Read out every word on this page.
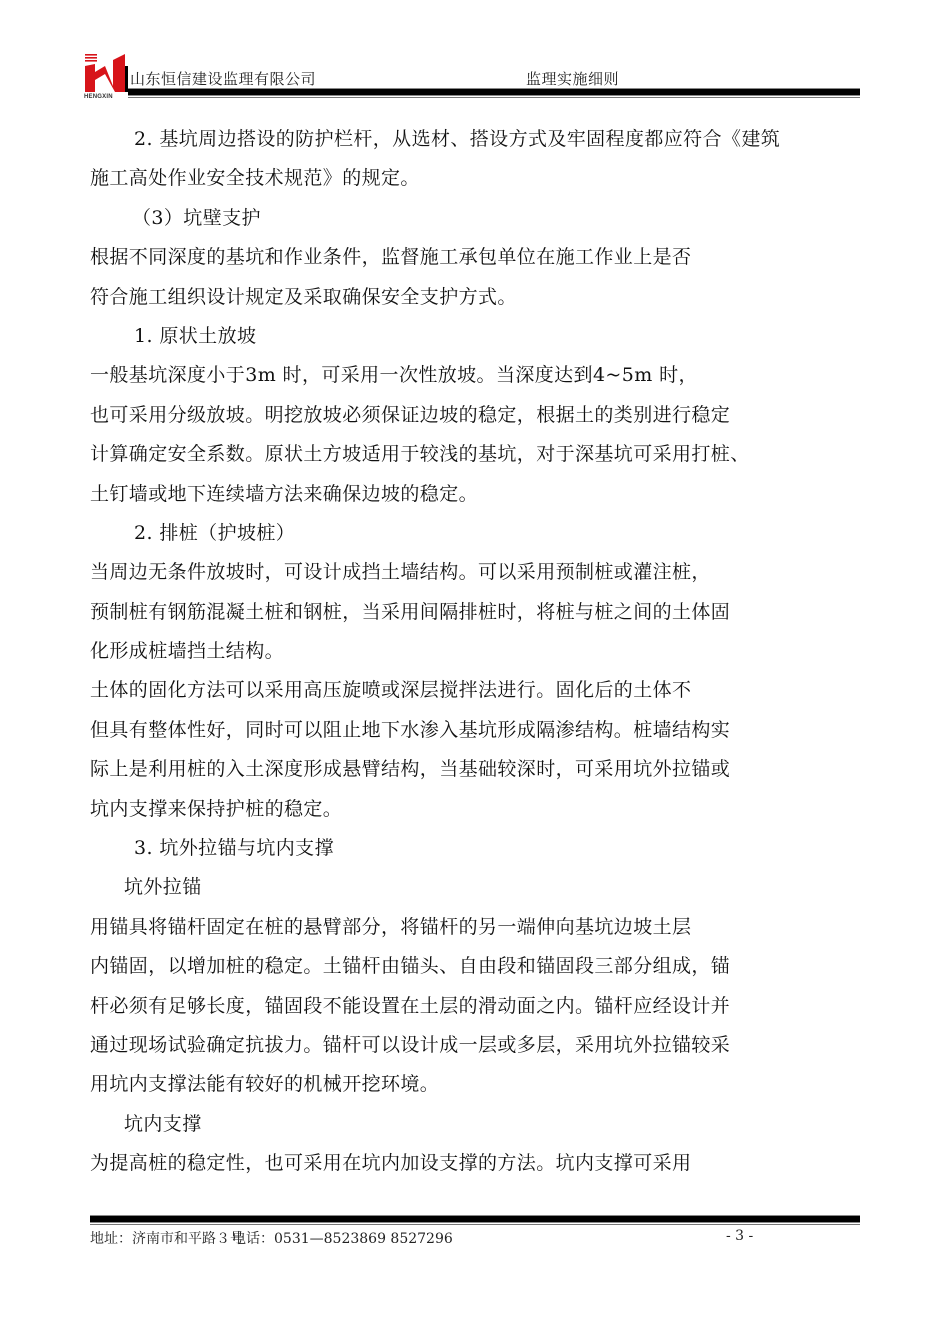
HENGXIN
山东恒信建设监理有限公司	监理实施细则
2. 基坑周边搭设的防护栏杆，从选材、搭设方式及牢固程度都应符合《建筑
施工高处作业安全技术规范》的规定。
（3）坑壁支护
根据不同深度的基坑和作业条件，监督施工承包单位在施工作业上是否
符合施工组织设计规定及采取确保安全支护方式。
1. 原状土放坡
一般基坑深度小于3m 时，可采用一次性放坡。当深度达到4~5m 时，
也可采用分级放坡。明挖放坡必须保证边坡的稳定，根据土的类别进行稳定
计算确定安全系数。原状土方坡适用于较浅的基坑，对于深基坑可采用打桩、
土钉墙或地下连续墙方法来确保边坡的稳定。
2. 排桩（护坡桩）
当周边无条件放坡时，可设计成挡土墙结构。可以采用预制桩或灌注桩，
预制桩有钢筋混凝土桩和钢桩，当采用间隔排桩时，将桩与桩之间的土体固
化形成桩墙挡土结构。
土体的固化方法可以采用高压旋喷或深层搅拌法进行。固化后的土体不
但具有整体性好，同时可以阻止地下水渗入基坑形成隔渗结构。桩墙结构实
际上是利用桩的入土深度形成悬臂结构，当基础较深时，可采用坑外拉锚或
坑内支撑来保持护桩的稳定。
3. 坑外拉锚与坑内支撑
坑外拉锚
用锚具将锚杆固定在桩的悬臂部分，将锚杆的另一端伸向基坑边坡土层
内锚固，以增加桩的稳定。土锚杆由锚头、自由段和锚固段三部分组成，锚
杆必须有足够长度，锚固段不能设置在土层的滑动面之内。锚杆应经设计并
通过现场试验确定抗拔力。锚杆可以设计成一层或多层，采用坑外拉锚较采
用坑内支撑法能有较好的机械开挖环境。
坑内支撑
为提高桩的稳定性，也可采用在坑内加设支撑的方法。坑内支撑可采用
地址：济南市和平路３号
电话：0531—8523869 8527296	- 3 -
